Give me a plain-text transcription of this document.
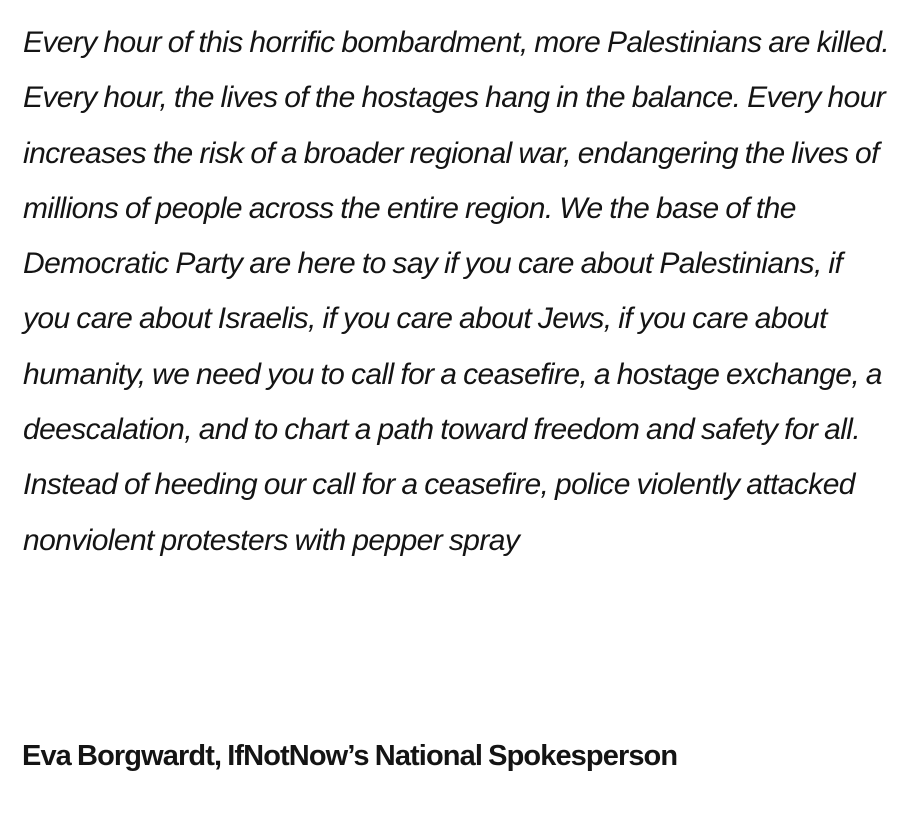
Every hour of this horrific bombardment, more Palestinians are killed. Every hour, the lives of the hostages hang in the balance. Every hour increases the risk of a broader regional war, endangering the lives of millions of people across the entire region. We the base of the Democratic Party are here to say if you care about Palestinians, if you care about Israelis, if you care about Jews, if you care about humanity, we need you to call for a ceasefire, a hostage exchange, a deescalation, and to chart a path toward freedom and safety for all. Instead of heeding our call for a ceasefire, police violently attacked nonviolent protesters with pepper spray

Eva Borgwardt, IfNotNow’s National Spokesperson
